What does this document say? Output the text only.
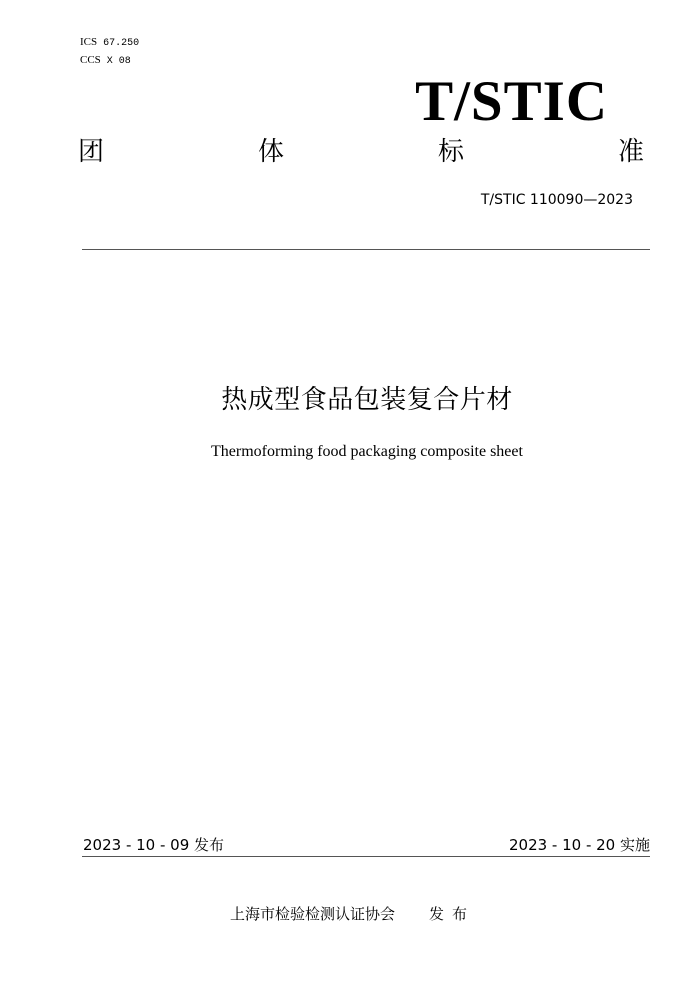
ICS 67.250
CCS X 08
T/STIC
团	体	标	准
T/STIC 110090—2023
热成型食品包装复合片材
Thermoforming food packaging composite sheet
2023 - 10 - 09 发布	2023 - 10 - 20 实施
上海市检验检测认证协会 发布
